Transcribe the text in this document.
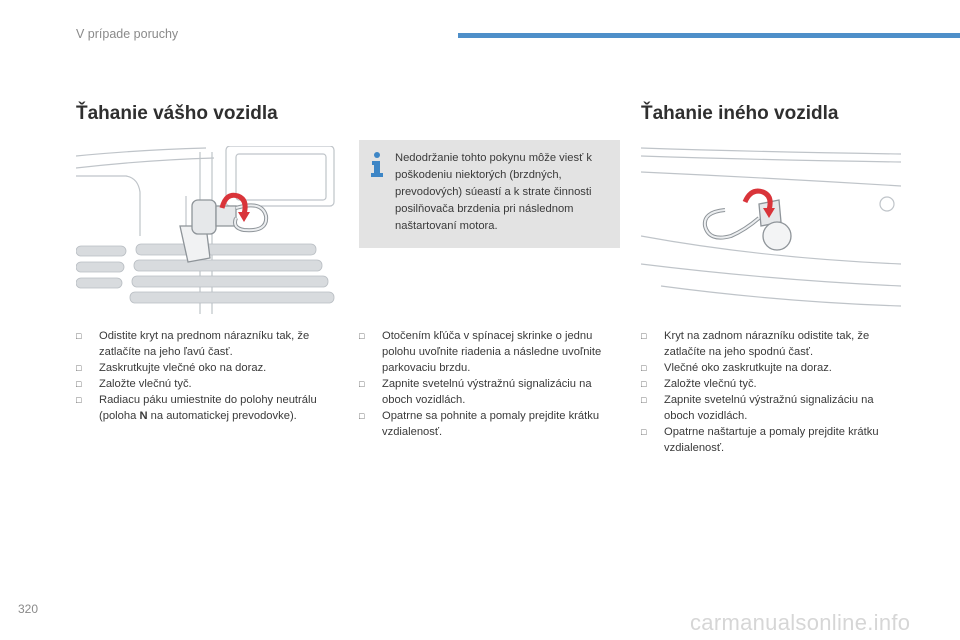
V prípade poruchy
Ťahanie vášho vozidla	Ťahanie iného vozidla
Nedodržanie tohto pokynu môže viesť k poškodeniu niektorých (brzdných, prevodových) súeastí a k strate činnosti posilňovača brzdenia pri následnom naštartovaní motora.
□	Odistite kryt na prednom nárazníku tak, že zatlačíte na jeho ľavú časť.
□	Zaskrutkujte vlečné oko na doraz.
□	Založte vlečnú tyč.
□	Radiacu páku umiestnite do polohy neutrálu (poloha N na automatickej prevodovke).
□	Otočením kľúča v spínacej skrinke o jednu polohu uvoľnite riadenia a následne uvoľnite parkovaciu brzdu.
□	Zapnite svetelnú výstražnú signalizáciu na oboch vozidlách.
□	Opatrne sa pohnite a pomaly prejdite krátku vzdialenosť.
□	Kryt na zadnom nárazníku odistite tak, že zatlačíte na jeho spodnú časť.
□	Vlečné oko zaskrutkujte na doraz.
□	Založte vlečnú tyč.
□	Zapnite svetelnú výstražnú signalizáciu na oboch vozidlách.
□	Opatrne naštartuje a pomaly prejdite krátku vzdialenosť.
320
carmanualsonline.info
